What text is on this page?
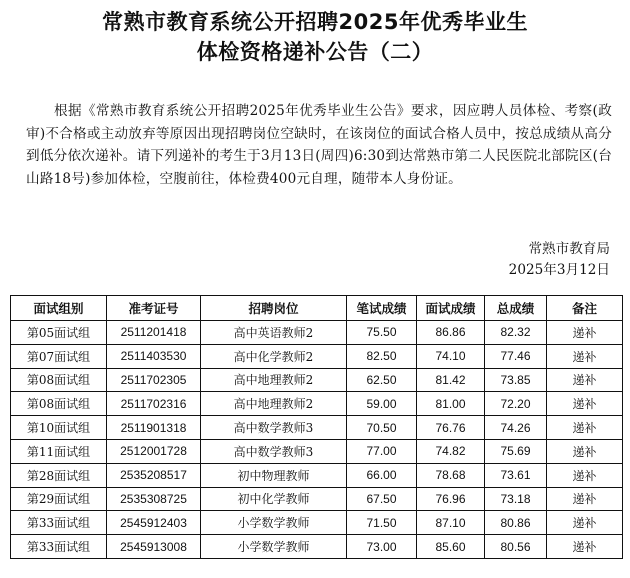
常熟市教育系统公开招聘2025年优秀毕业生
体检资格递补公告（二）
根据《常熟市教育系统公开招聘2025年优秀毕业生公告》要求，因应聘人员体检、考察(政审)不合格或主动放弃等原因出现招聘岗位空缺时，在该岗位的面试合格人员中，按总成绩从高分到低分依次递补。请下列递补的考生于3月13日(周四)6:30到达常熟市第二人民医院北部院区(台山路18号)参加体检，空腹前往，体检费400元自理，随带本人身份证。
常熟市教育局
2025年3月12日
面试组别	准考证号	招聘岗位	笔试成绩	面试成绩	总成绩	备注
第05面试组	2511201418	高中英语教师2	75.50	86.86	82.32	递补
第07面试组	2511403530	高中化学教师2	82.50	74.10	77.46	递补
第08面试组	2511702305	高中地理教师2	62.50	81.42	73.85	递补
第08面试组	2511702316	高中地理教师2	59.00	81.00	72.20	递补
第10面试组	2511901318	高中数学教师3	70.50	76.76	74.26	递补
第11面试组	2512001728	高中数学教师3	77.00	74.82	75.69	递补
第28面试组	2535208517	初中物理教师	66.00	78.68	73.61	递补
第29面试组	2535308725	初中化学教师	67.50	76.96	73.18	递补
第33面试组	2545912403	小学数学教师	71.50	87.10	80.86	递补
第33面试组	2545913008	小学数学教师	73.00	85.60	80.56	递补
